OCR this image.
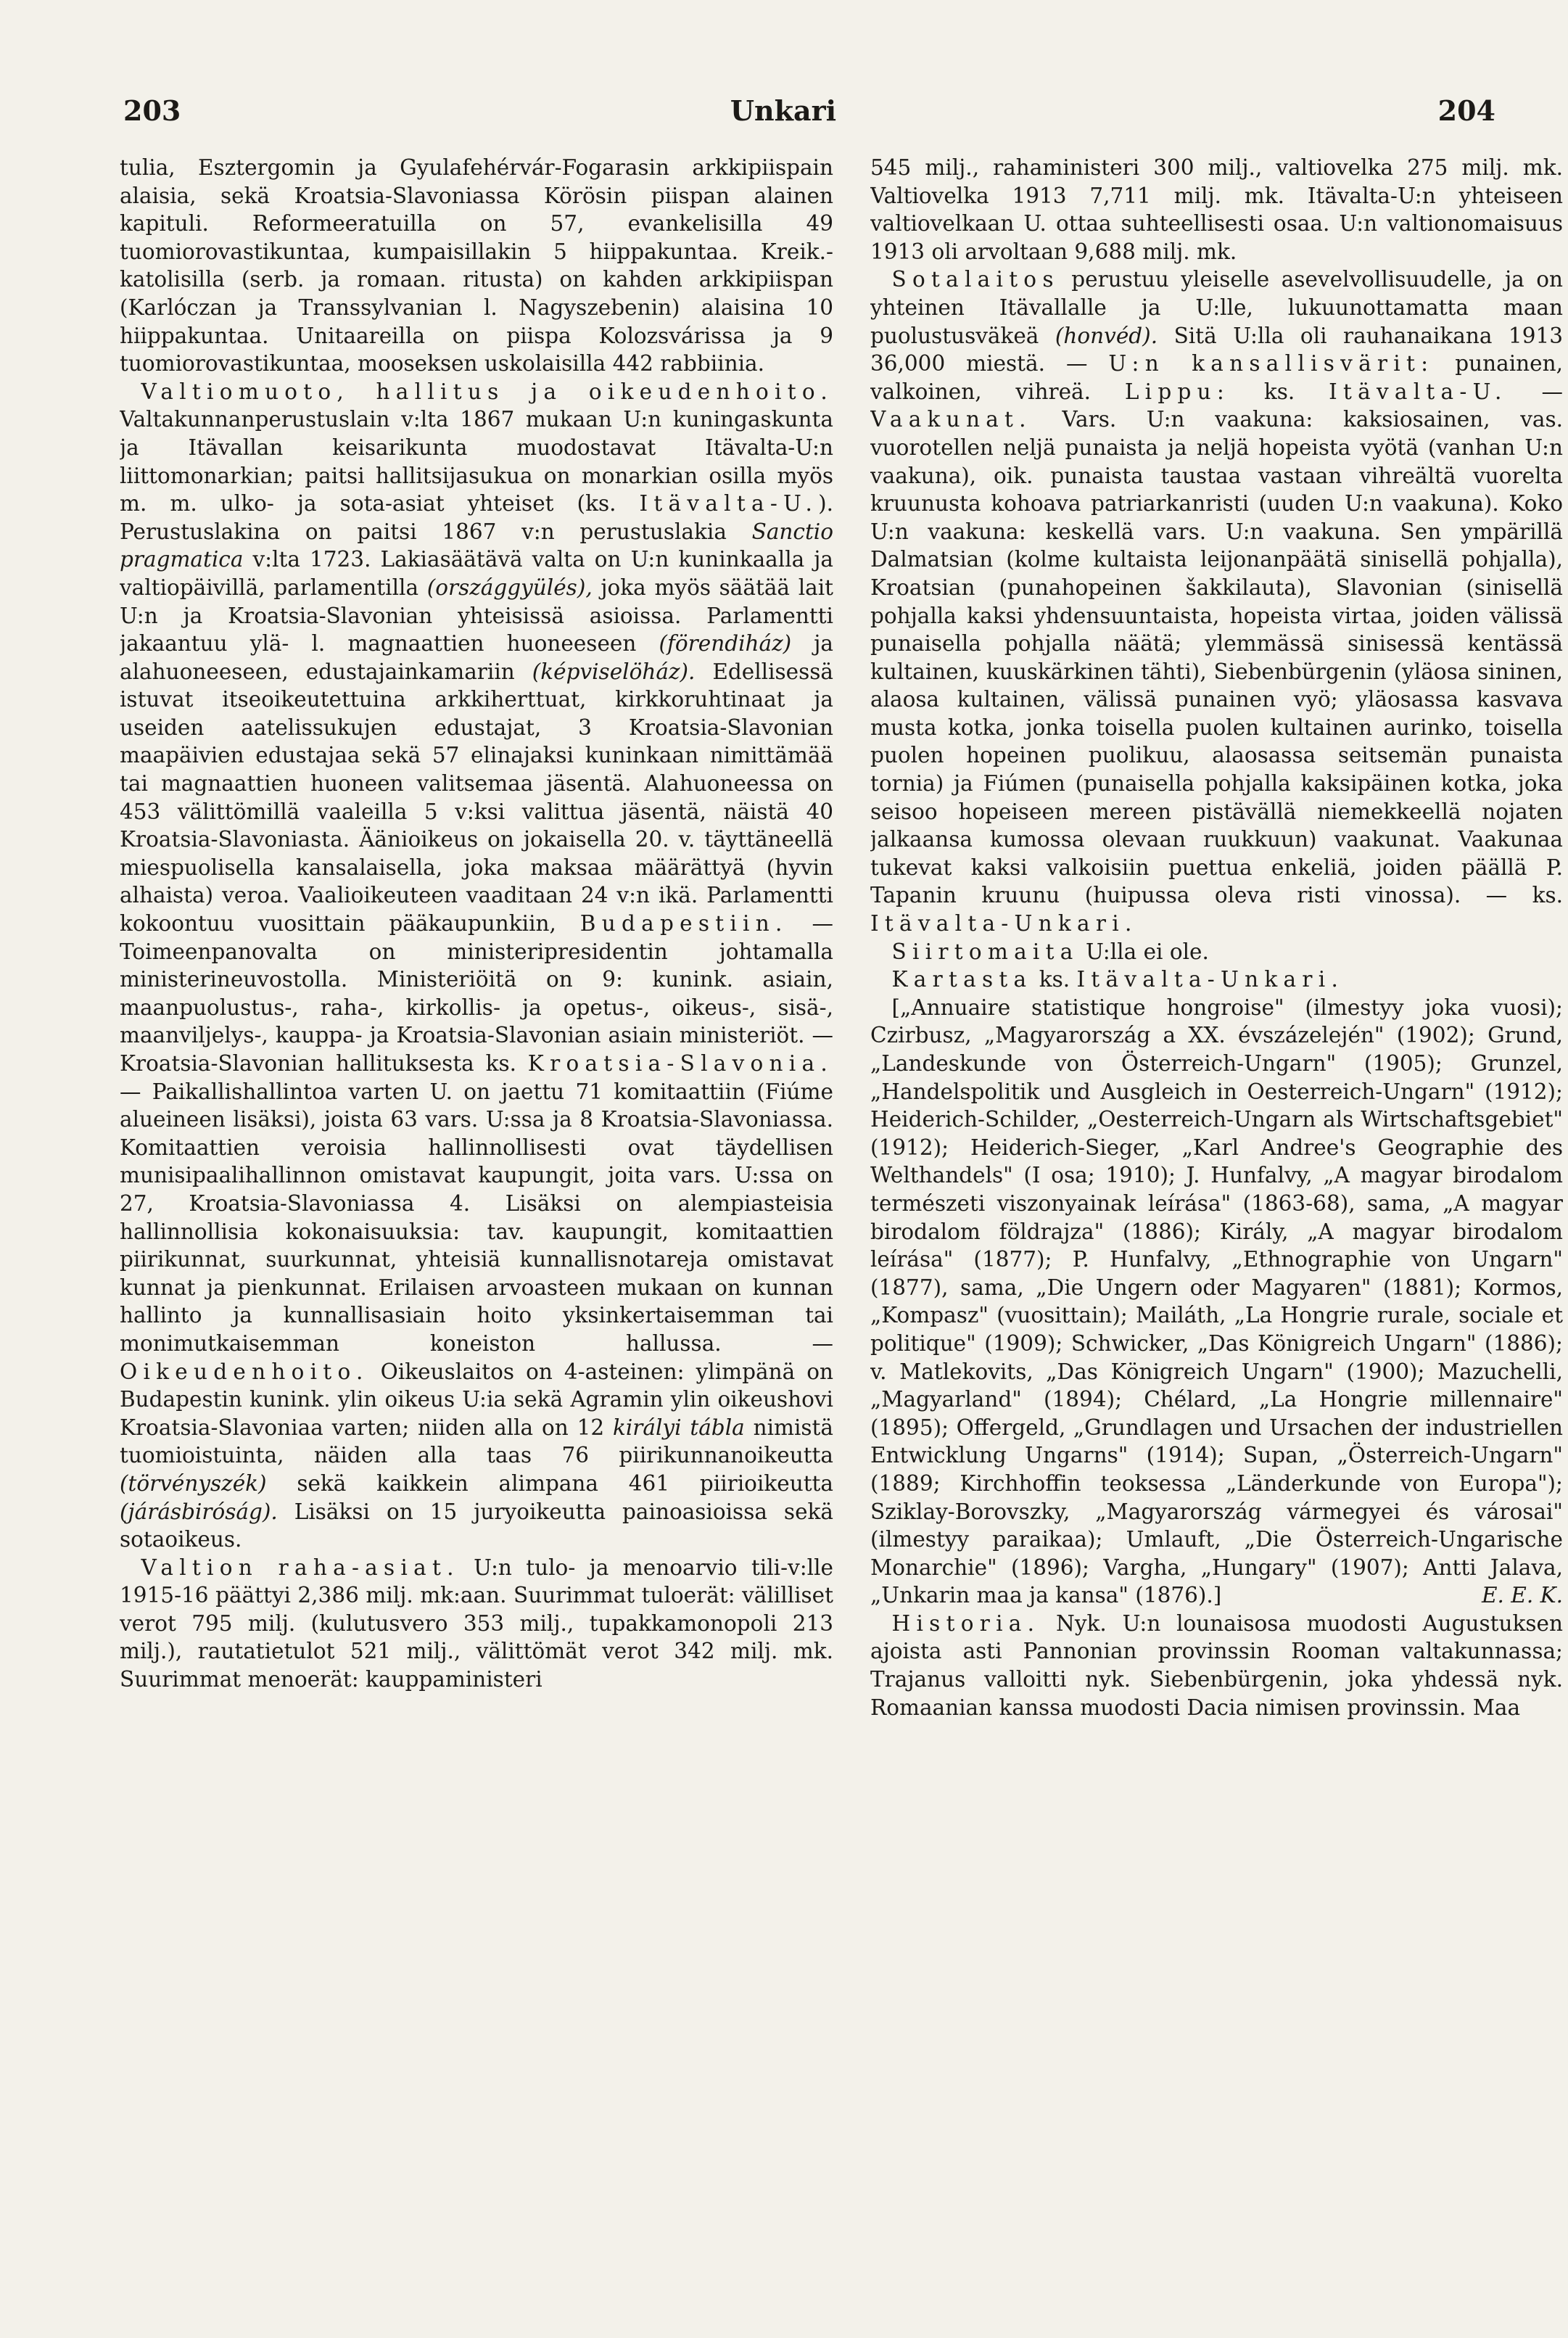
203	Unkari	204

tulia, Esztergomin ja Gyulafehérvár-Fogarasin arkkipiispain alaisia, sekä Kroatsia-Slavoniassa Körösin piispan alainen kapituli. Reformeeratuilla on 57, evankelisilla 49 tuomiorovastikuntaa, kumpaisillakin 5 hiippakuntaa. Kreik.-katolisilla (serb. ja romaan. ritusta) on kahden arkkipiispan (Karlóczan ja Transsylvanian l. Nagyszebenin) alaisina 10 hiippakuntaa. Unitaareilla on piispa Kolozsvárissa ja 9 tuomiorovastikuntaa, mooseksen uskolaisilla 442 rabbiinia.

 Valtiomuoto, hallitus ja oikeudenhoito. Valtakunnanperustuslain v:lta 1867 mukaan U:n kuningaskunta ja Itävallan keisarikunta muodostavat Itävalta-U:n liittomonarkian; paitsi hallitsijasukua on monarkian osilla myös m. m. ulko- ja sota-asiat yhteiset (ks. Itävalta-U.). Perustuslakina on paitsi 1867 v:n perustuslakia Sanctio pragmatica v:lta 1723. Lakiasäätävä valta on U:n kuninkaalla ja valtiopäivillä, parlamentilla (országgyülés), joka myös säätää lait U:n ja Kroatsia-Slavonian yhteisissä asioissa. Parlamentti jakaantuu ylä- l. magnaattien huoneeseen (förendiház) ja alahuoneeseen, edustajainkamariin (képviselöház). Edellisessä istuvat itseoikeutettuina arkkiherttuat, kirkkoruhtinaat ja useiden aatelissukujen edustajat, 3 Kroatsia-Slavonian maapäivien edustajaa sekä 57 elinajaksi kuninkaan nimittämää tai magnaattien huoneen valitsemaa jäsentä. Alahuoneessa on 453 välittömillä vaaleilla 5 v:ksi valittua jäsentä, näistä 40 Kroatsia-Slavoniasta. Äänioikeus on jokaisella 20. v. täyttäneellä miespuolisella kansalaisella, joka maksaa määrättyä (hyvin alhaista) veroa. Vaalioikeuteen vaaditaan 24 v:n ikä. Parlamentti kokoontuu vuosittain pääkaupunkiin, Budapestiin. — Toimeenpanovalta on ministeripresidentin johtamalla ministerineuvostolla. Ministeriöitä on 9: kunink. asiain, maanpuolustus-, raha-, kirkollis- ja opetus-, oikeus-, sisä-, maanviljelys-, kauppa- ja Kroatsia-Slavonian asiain ministeriöt. — Kroatsia-Slavonian hallituksesta ks. Kroatsia-Slavonia. — Paikallishallintoa varten U. on jaettu 71 komitaattiin (Fiúme alueineen lisäksi), joista 63 vars. U:ssa ja 8 Kroatsia-Slavoniassa. Komitaattien veroisia hallinnollisesti ovat täydellisen munisipaalihallinnon omistavat kaupungit, joita vars. U:ssa on 27, Kroatsia-Slavoniassa 4. Lisäksi on alempiasteisia hallinnollisia kokonaisuuksia: tav. kaupungit, komitaattien piirikunnat, suurkunnat, yhteisiä kunnallisnotareja omistavat kunnat ja pienkunnat. Erilaisen arvoasteen mukaan on kunnan hallinto ja kunnallisasiain hoito yksinkertaisemman tai monimutkaisemman koneiston hallussa. — Oikeudenhoito. Oikeuslaitos on 4-asteinen: ylimpänä on Budapestin kunink. ylin oikeus U:ia sekä Agramin ylin oikeushovi Kroatsia-Slavoniaa varten; niiden alla on 12 királyi tábla nimistä tuomioistuinta, näiden alla taas 76 piirikunnanoikeutta (törvényszék) sekä kaikkein alimpana 461 piirioikeutta (járásbiróság). Lisäksi on 15 juryoikeutta painoasioissa sekä sotaoikeus.

 Valtion raha-asiat. U:n tulo- ja menoarvio tili-v:lle 1915-16 päättyi 2,386 milj. mk:aan. Suurimmat tuloerät: välilliset verot 795 milj. (kulutusvero 353 milj., tupakkamonopoli 213 milj.), rautatietulot 521 milj., välittömät verot 342 milj. mk. Suurimmat menoerät: kauppaministeri

545 milj., rahaministeri 300 milj., valtiovelka 275 milj. mk. Valtiovelka 1913 7,711 milj. mk. Itävalta-U:n yhteiseen valtiovelkaan U. ottaa suhteellisesti osaa. U:n valtionomaisuus 1913 oli arvoltaan 9,688 milj. mk.

 Sotalaitos perustuu yleiselle asevelvollisuudelle, ja on yhteinen Itävallalle ja U:lle, lukuunottamatta maan puolustusväkeä (honvéd). Sitä U:lla oli rauhanaikana 1913 36,000 miestä. — U:n kansallisvärit: punainen, valkoinen, vihreä. Lippu: ks. Itävalta-U. — Vaakunat. Vars. U:n vaakuna: kaksiosainen, vas. vuorotellen neljä punaista ja neljä hopeista vyötä (vanhan U:n vaakuna), oik. punaista taustaa vastaan vihreältä vuorelta kruunusta kohoava patriarkanristi (uuden U:n vaakuna). Koko U:n vaakuna: keskellä vars. U:n vaakuna. Sen ympärillä Dalmatsian (kolme kultaista leijonanpäätä sinisellä pohjalla), Kroatsian (punahopeinen šakkilauta), Slavonian (sinisellä pohjalla kaksi yhdensuuntaista, hopeista virtaa, joiden välissä punaisella pohjalla näätä; ylemmässä sinisessä kentässä kultainen, kuuskärkinen tähti), Siebenbürgenin (yläosa sininen, alaosa kultainen, välissä punainen vyö; yläosassa kasvava musta kotka, jonka toisella puolen kultainen aurinko, toisella puolen hopeinen puolikuu, alaosassa seitsemän punaista tornia) ja Fiúmen (punaisella pohjalla kaksipäinen kotka, joka seisoo hopeiseen mereen pistävällä niemekkeellä nojaten jalkaansa kumossa olevaan ruukkuun) vaakunat. Vaakunaa tukevat kaksi valkoisiin puettua enkeliä, joiden päällä P. Tapanin kruunu (huipussa oleva risti vinossa). — ks. Itävalta-Unkari.

 Siirtomaita U:lla ei ole.

 Kartasta ks. Itävalta-Unkari.

 [„Annuaire statistique hongroise" (ilmestyy joka vuosi); Czirbusz, „Magyarország a XX. évszázelején" (1902); Grund, „Landeskunde von Österreich-Ungarn" (1905); Grunzel, „Handelspolitik und Ausgleich in Oesterreich-Ungarn" (1912); Heiderich-Schilder, „Oesterreich-Ungarn als Wirtschaftsgebiet" (1912); Heiderich-Sieger, „Karl Andree's Geographie des Welthandels" (I osa; 1910); J. Hunfalvy, „A magyar birodalom természeti viszonyainak leírása" (1863-68), sama, „A magyar birodalom földrajza" (1886); Király, „A magyar birodalom leírása" (1877); P. Hunfalvy, „Ethnographie von Ungarn" (1877), sama, „Die Ungern oder Magyaren" (1881); Kormos, „Kompasz" (vuosittain); Mailáth, „La Hongrie rurale, sociale et politique" (1909); Schwicker, „Das Königreich Ungarn" (1886); v. Matlekovits, „Das Königreich Ungarn" (1900); Mazuchelli, „Magyarland" (1894); Chélard, „La Hongrie millennaire" (1895); Offergeld, „Grundlagen und Ursachen der industriellen Entwicklung Ungarns" (1914); Supan, „Österreich-Ungarn" (1889; Kirchhoffin teoksessa „Länderkunde von Europa"); Sziklay-Borovszky, „Magyarország vármegyei és városai" (ilmestyy paraikaa); Umlauft, „Die Österreich-Ungarische Monarchie" (1896); Vargha, „Hungary" (1907); Antti Jalava, „Unkarin maa ja kansa" (1876).]	E. E. K.

 Historia. Nyk. U:n lounaisosa muodosti Augustuksen ajoista asti Pannonian provinssin Rooman valtakunnassa; Trajanus valloitti nyk. Siebenbürgenin, joka yhdessä nyk. Romaanian kanssa muodosti Dacia nimisen provinssin. Maa
